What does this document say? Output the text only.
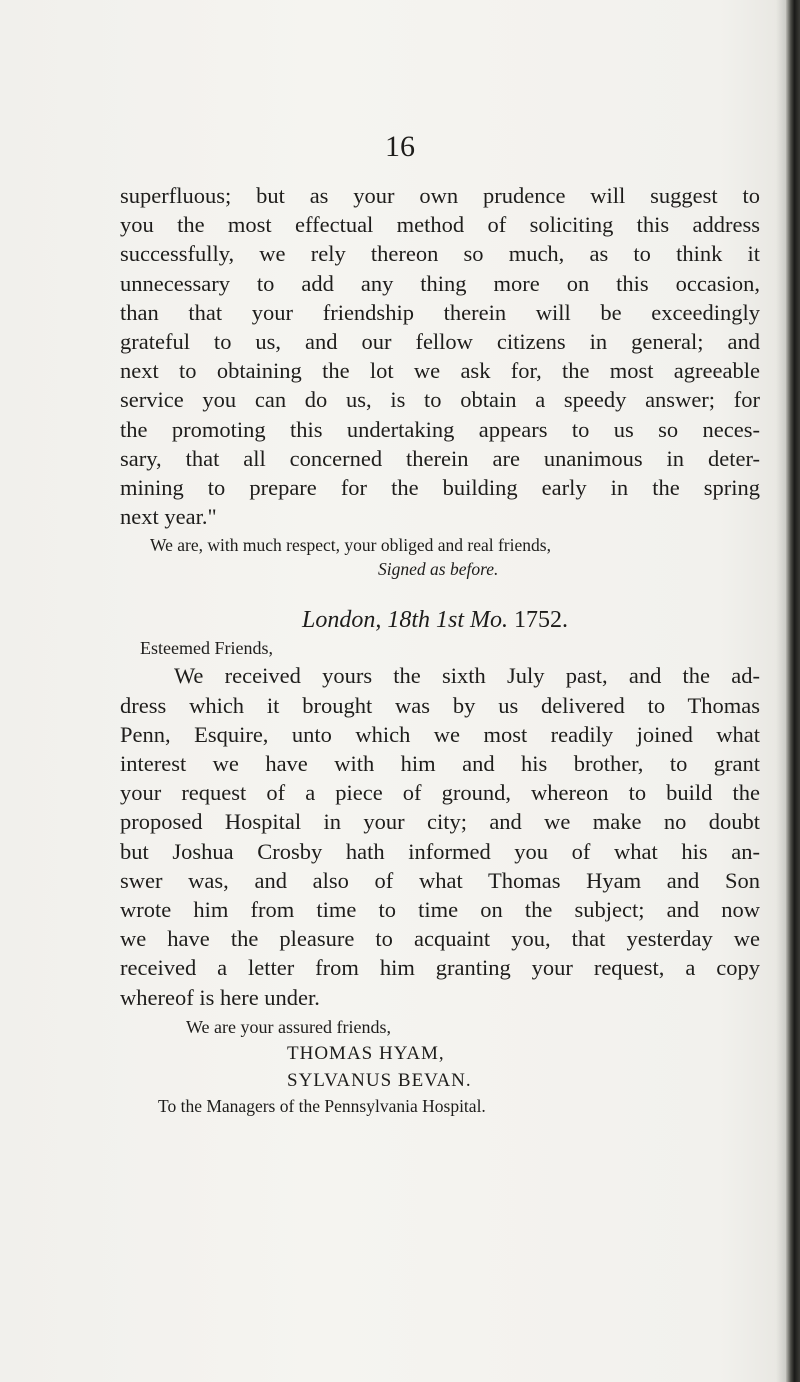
16

superfluous; but as your own prudence will suggest to

you the most effectual method of soliciting this address

successfully, we rely thereon so much, as to think it

unnecessary to add any thing more on this occasion,

than that your friendship therein will be exceedingly

grateful to us, and our fellow citizens in general; and

next to obtaining the lot we ask for, the most agreeable

service you can do us, is to obtain a speedy answer; for

the promoting this undertaking appears to us so neces-

sary, that all concerned therein are unanimous in deter-

mining to prepare for the building early in the spring

next year."

We are, with much respect, your obliged and real friends,

Signed as before.

London, 18th 1st Mo. 1752.

Esteemed Friends,

We received yours the sixth July past, and the ad-

dress which it brought was by us delivered to Thomas

Penn, Esquire, unto which we most readily joined what

interest we have with him and his brother, to grant

your request of a piece of ground, whereon to build the

proposed Hospital in your city; and we make no doubt

but Joshua Crosby hath informed you of what his an-

swer was, and also of what Thomas Hyam and Son

wrote him from time to time on the subject; and now

we have the pleasure to acquaint you, that yesterday we

received a letter from him granting your request, a copy

whereof is here under.

We are your assured friends,

THOMAS HYAM,

SYLVANUS BEVAN.

To the Managers of the Pennsylvania Hospital.
